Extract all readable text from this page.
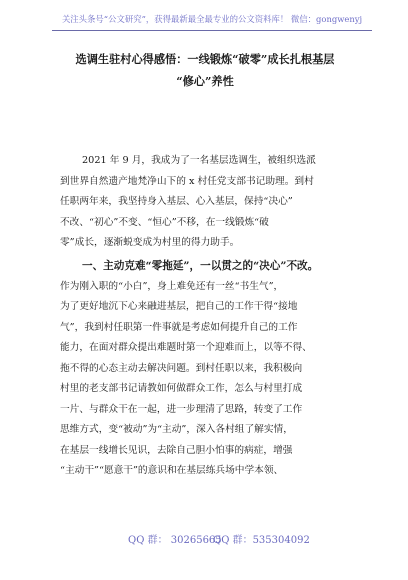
关注头条号“公文研究”，获得最新最全最专业的公文资料库！ 微信：gongwenyj
选调生驻村心得感悟：一线锻炼“破零”成长扎根基层
“修心”养性
2021 年 9 月，我成为了一名基层选调生，被组织选派
到世界自然遗产地梵净山下的 x 村任党支部书记助理。到村
任职两年来，我坚持身入基层、心入基层，保持“决心”
不改、“初心”不变、“恒心”不移，在一线锻炼“破
零”成长，逐渐蜕变成为村里的得力助手。
一、主动克难“零拖延”，一以贯之的“决心”不改。
作为刚入职的“小白”，身上难免还有一丝“书生气”，
为了更好地沉下心来融进基层，把自己的工作干得“接地
气”，我到村任职第一件事就是考虑如何提升自己的工作
能力，在面对群众提出难题时第一个迎难而上，以等不得、
拖不得的心态主动去解决问题。到村任职以来，我积极向
村里的老支部书记请教如何做群众工作，怎么与村里打成
一片、与群众干在一起，进一步理清了思路，转变了工作
思维方式，变“被动”为“主动”，深入各村组了解实情，
在基层一线增长见识，去除自己胆小怕事的病症，增强
“主动干”“愿意干”的意识和在基层练兵场中学本领、
QQ 群： 30265665
QQ 群：535304092
